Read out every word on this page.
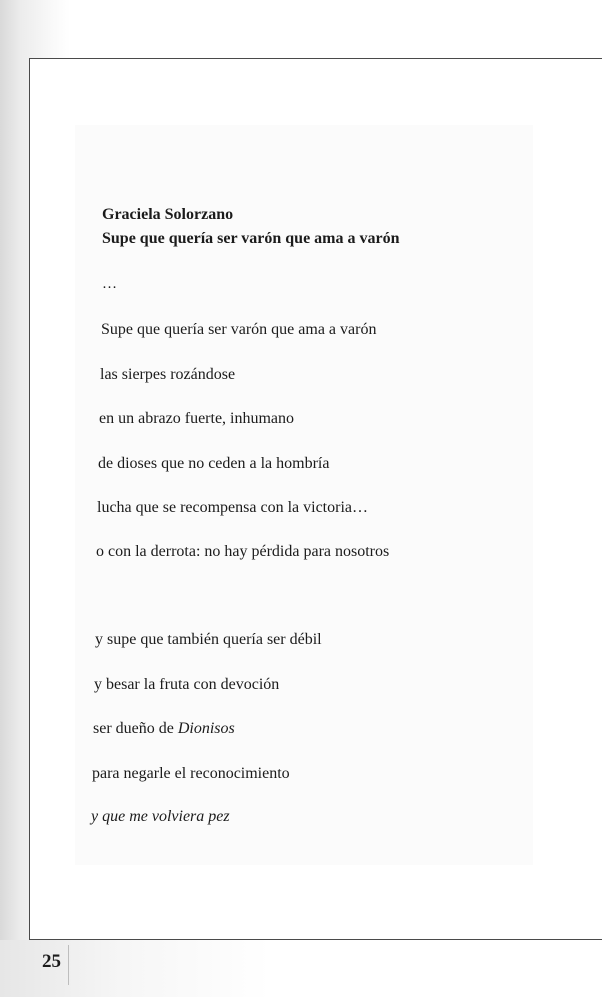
Graciela Solorzano
Supe que quería ser varón que ama a varón
…
Supe que quería ser varón que ama a varón
las sierpes rozándose
en un abrazo fuerte, inhumano
de dioses que no ceden a la hombría
lucha que se recompensa con la victoria…
o con la derrota: no hay pérdida para nosotros
y supe que también quería ser débil
y besar la fruta con devoción
ser dueño de Dionisos
para negarle el reconocimiento
y que me volviera pez
25
